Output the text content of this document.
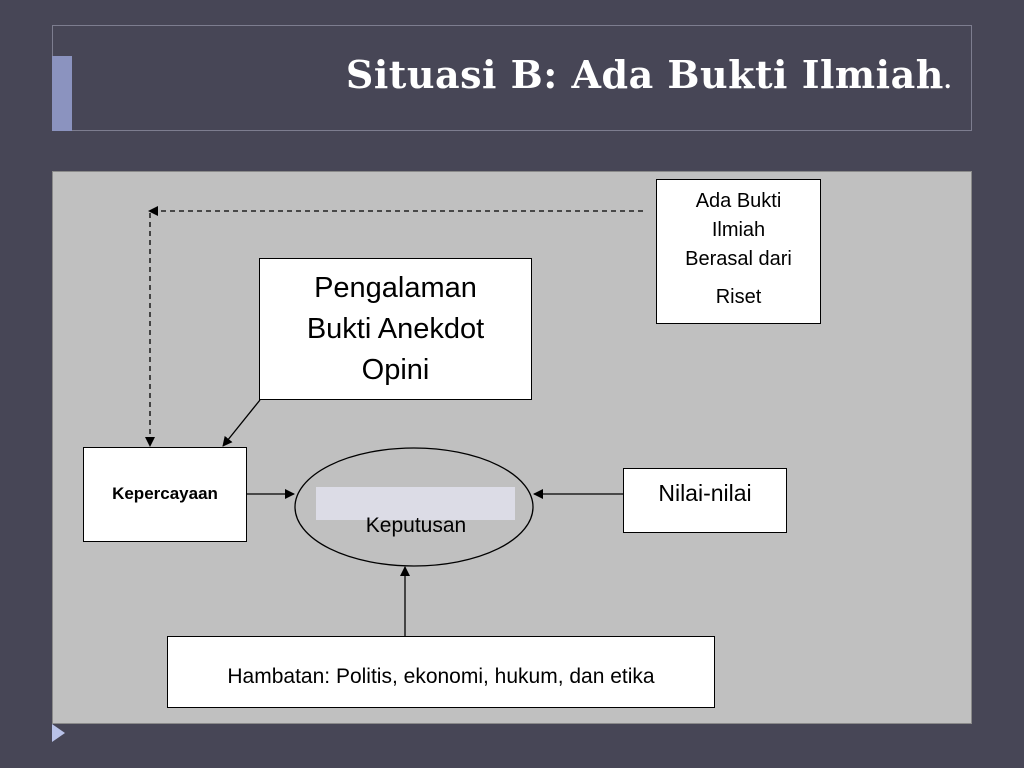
Situasi B: Ada Bukti Ilmiah.
Keputusan
Ada Bukti
Ilmiah
Berasal dari
Riset
Pengalaman
Bukti Anekdot
Opini
Kepercayaan	Nilai-nilai
Hambatan: Politis, ekonomi, hukum, dan etika
